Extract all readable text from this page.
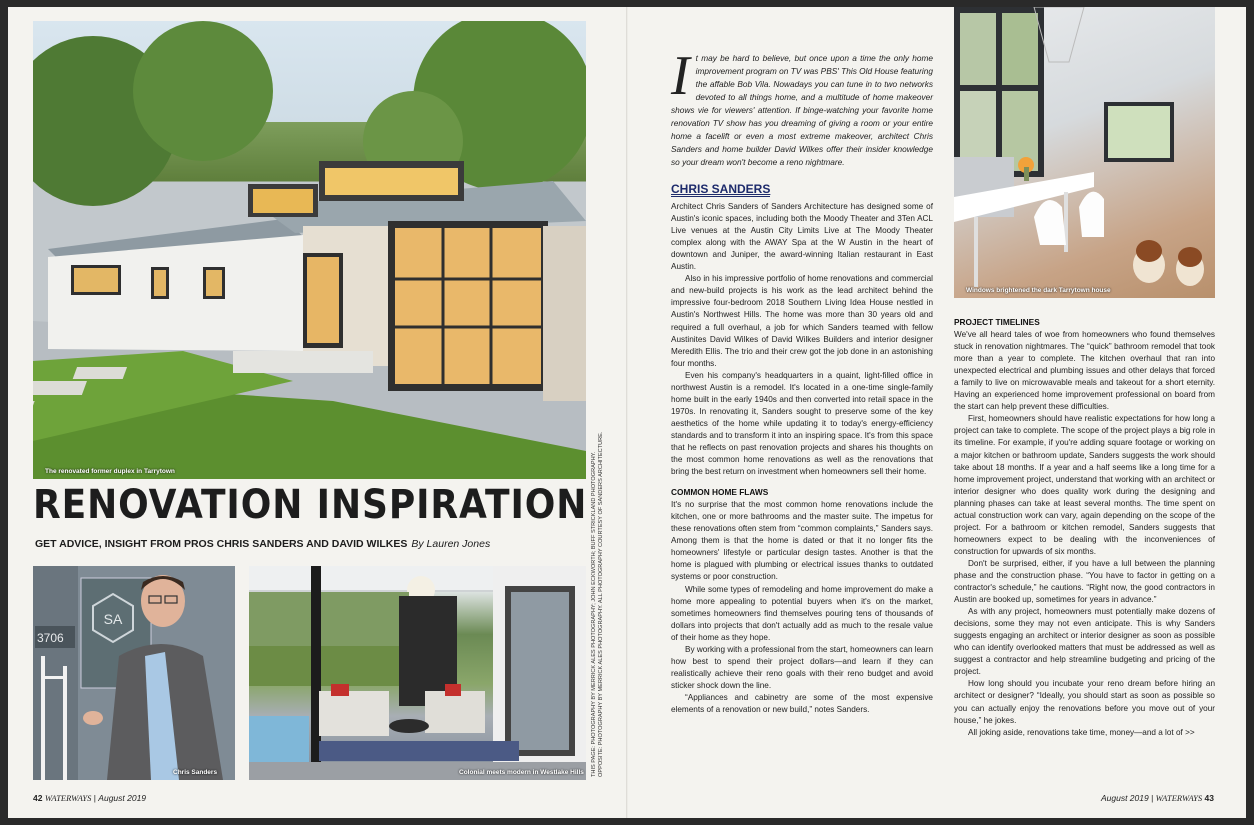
The renovated former duplex in Tarrytown
SA
3706
Chris Sanders	Colonial meets modern in Westlake Hills
Windows brightened the dark Tarrytown house
THIS PAGE: PHOTOGRAPHY BY MERRICK ALES PHOTOGRAPHY; JOHN ECKWORTH; BUFF STRICKLAND PHOTOGRAPHY.
OPPOSITE: PHOTOGRAPHY BY MERRICK ALES PHOTOGRAPHY. ALL PHOTOGRAPHY COURTESY OF SANDERS ARCHITECTURE.
RENOVATION INSPIRATION
GET ADVICE, INSIGHT FROM PROS CHRIS SANDERS AND DAVID WILKES By Lauren Jones
It may be hard to believe, but once upon a time the only home improvement program on TV was PBS' This Old House featuring the affable Bob Vila. Nowadays you can tune in to two networks devoted to all things home, and a multitude of home makeover shows vie for viewers' attention. If binge-watching your favorite home renovation TV show has you dreaming of giving a room or your entire home a facelift or even a most extreme makeover, architect Chris Sanders and home builder David Wilkes offer their insider knowledge so your dream won't become a reno nightmare.
CHRIS SANDERS

Architect Chris Sanders of Sanders Architecture has designed some of Austin's iconic spaces, including both the Moody Theater and 3Ten ACL Live venues at the Austin City Limits Live at The Moody Theater complex along with the AWAY Spa at the W Austin in the heart of downtown and Juniper, the award-winning Italian restaurant in East Austin.

Also in his impressive portfolio of home renovations and commercial and new-build projects is his work as the lead architect behind the impressive four-bedroom 2018 Southern Living Idea House nestled in Austin's Northwest Hills. The home was more than 30 years old and required a full overhaul, a job for which Sanders teamed with fellow Austinites David Wilkes of David Wilkes Builders and interior designer Meredith Ellis. The trio and their crew got the job done in an astonishing four months.

Even his company's headquarters in a quaint, light-filled office in northwest Austin is a remodel. It's located in a one-time single-family home built in the early 1940s and then converted into retail space in the 1970s. In renovating it, Sanders sought to preserve some of the key aesthetics of the home while updating it to today's energy-efficiency standards and to transform it into an inspiring space. It's from this space that he reflects on past renovation projects and shares his thoughts on the most common home renovations as well as the renovations that bring the best return on investment when homeowners sell their home.

COMMON HOME FLAWS

It's no surprise that the most common home renovations include the kitchen, one or more bathrooms and the master suite. The impetus for these renovations often stem from “common complaints,” Sanders says. Among them is that the home is dated or that it no longer fits the homeowners' lifestyle or particular design tastes. Another is that the home is plagued with plumbing or electrical issues thanks to outdated systems or poor construction.

While some types of remodeling and home improvement do make a home more appealing to potential buyers when it's on the market, sometimes homeowners find themselves pouring tens of thousands of dollars into projects that don't actually add as much to the resale value of their home as they hope.

By working with a professional from the start, homeowners can learn how best to spend their project dollars—and learn if they can realistically achieve their reno goals with their reno budget and avoid sticker shock down the line.

“Appliances and cabinetry are some of the most expensive elements of a renovation or new build,” notes Sanders.

PROJECT TIMELINES

We've all heard tales of woe from homeowners who found themselves stuck in renovation nightmares. The “quick” bathroom remodel that took more than a year to complete. The kitchen overhaul that ran into unexpected electrical and plumbing issues and other delays that forced a family to live on microwavable meals and takeout for a short eternity. Having an experienced home improvement professional on board from the start can help prevent these difficulties.

First, homeowners should have realistic expectations for how long a project can take to complete. The scope of the project plays a big role in its timeline. For example, if you're adding square footage or working on a major kitchen or bathroom update, Sanders suggests the work should take about 18 months. If a year and a half seems like a long time for a home improvement project, understand that working with an architect or interior designer who does quality work during the designing and planning phases can take at least several months. The time spent on actual construction work can vary, again depending on the scope of the project. For a bathroom or kitchen remodel, Sanders suggests that homeowners expect to be dealing with the inconveniences of construction for upwards of six months.

Don't be surprised, either, if you have a lull between the planning phase and the construction phase. “You have to factor in getting on a contractor's schedule,” he cautions. “Right now, the good contractors in Austin are booked up, sometimes for years in advance.”

As with any project, homeowners must potentially make dozens of decisions, some they may not even anticipate. This is why Sanders suggests engaging an architect or interior designer as soon as possible who can identify overlooked matters that must be addressed as well as suggest a contractor and help streamline budgeting and pricing of the project.

How long should you incubate your reno dream before hiring an architect or designer? “Ideally, you should start as soon as possible so you can actually enjoy the renovations before you move out of your house,” he jokes.

All joking aside, renovations take time, money—and a lot of >>

42 WATERWAYS | August 2019	August 2019 | WATERWAYS 43
